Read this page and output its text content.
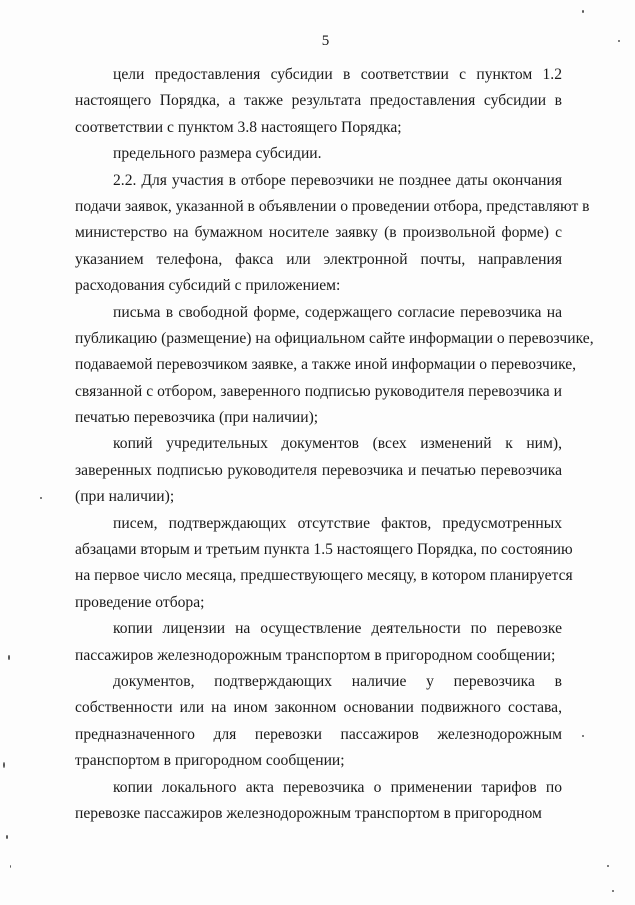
5
цели предоставления субсидии в соответствии с пунктом 1.2
настоящего Порядка, а также результата предоставления субсидии в
соответствии с пунктом 3.8 настоящего Порядка;
предельного размера субсидии.
2.2. Для участия в отборе перевозчики не позднее даты окончания
подачи заявок, указанной в объявлении о проведении отбора, представляют в
министерство на бумажном носителе заявку (в произвольной форме) с
указанием телефона, факса или электронной почты, направления
расходования субсидий с приложением:
письма в свободной форме, содержащего согласие перевозчика на
публикацию (размещение) на официальном сайте информации о перевозчике,
подаваемой перевозчиком заявке, а также иной информации о перевозчике,
связанной с отбором, заверенного подписью руководителя перевозчика и
печатью перевозчика (при наличии);
копий учредительных документов (всех изменений к ним),
заверенных подписью руководителя перевозчика и печатью перевозчика
(при наличии);
писем, подтверждающих отсутствие фактов, предусмотренных
абзацами вторым и третьим пункта 1.5 настоящего Порядка, по состоянию
на первое число месяца, предшествующего месяцу, в котором планируется
проведение отбора;
копии лицензии на осуществление деятельности по перевозке
пассажиров железнодорожным транспортом в пригородном сообщении;
документов, подтверждающих наличие у перевозчика в
собственности или на ином законном основании подвижного состава,
предназначенного для перевозки пассажиров железнодорожным
транспортом в пригородном сообщении;
копии локального акта перевозчика о применении тарифов по
перевозке пассажиров железнодорожным транспортом в пригородном
